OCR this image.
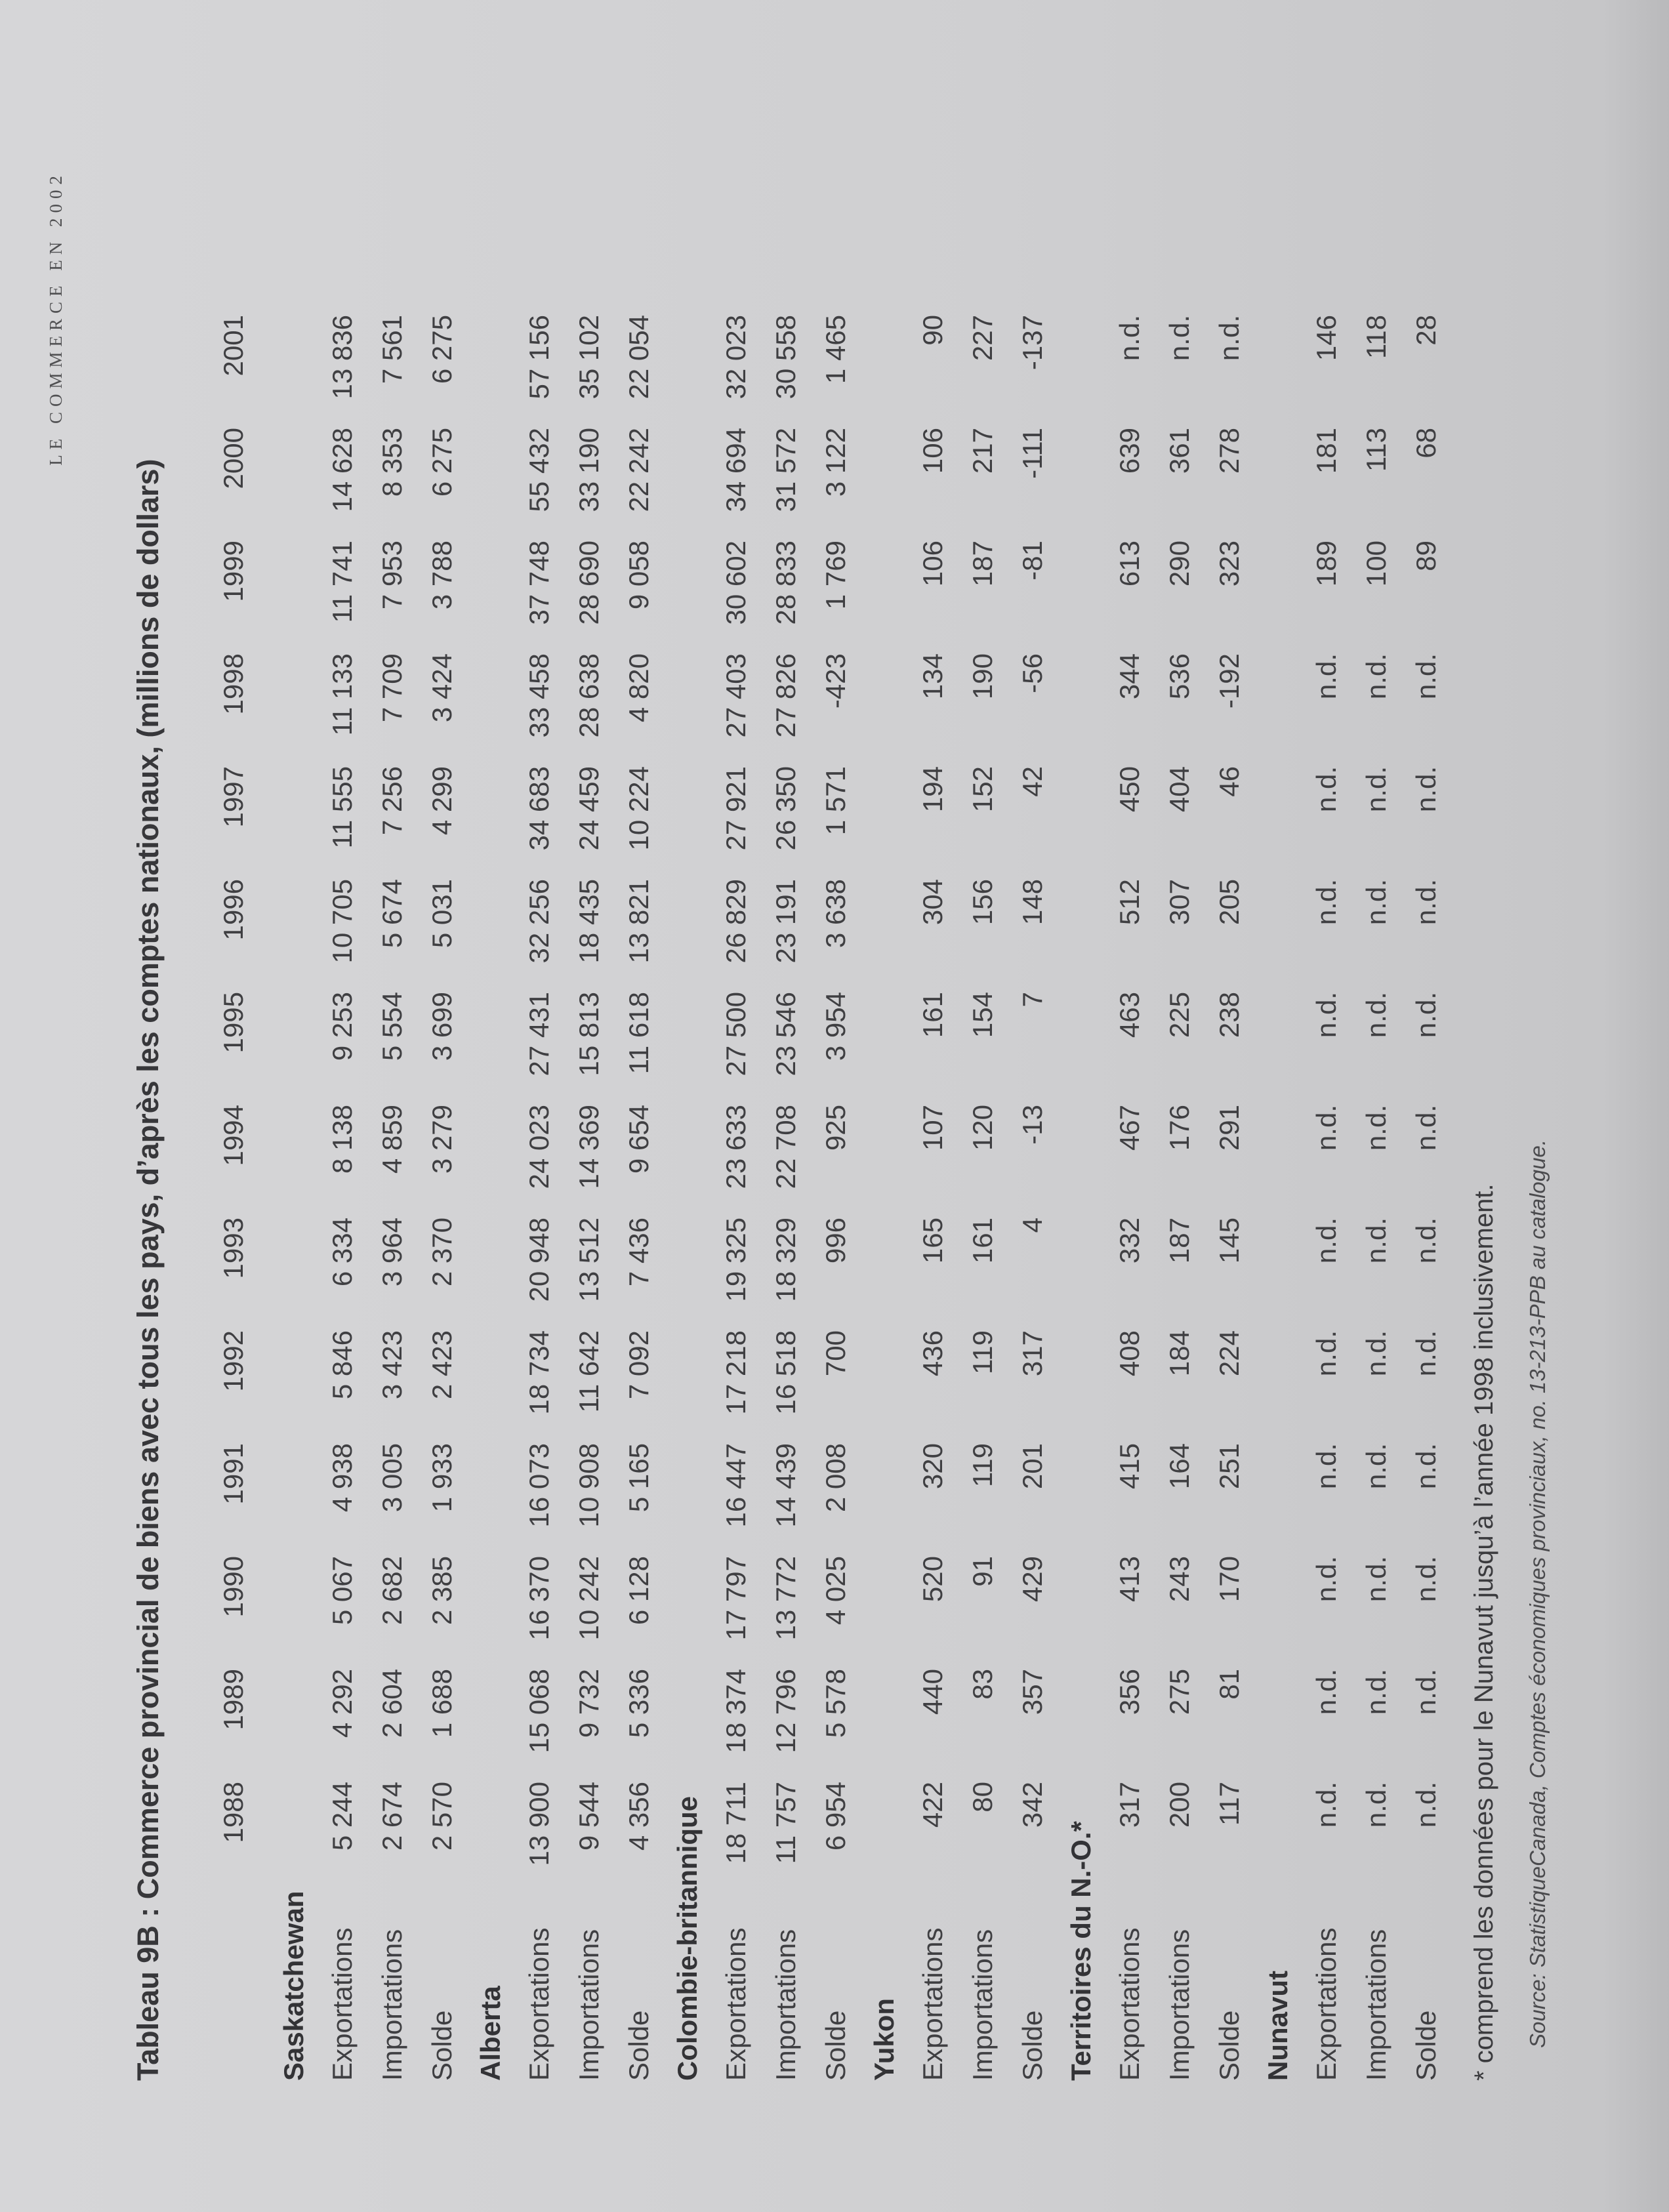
LE COMMERCE EN 2002
Tableau 9B : Commerce provincial de biens avec tous les pays, d’après les comptes nationaux, (millions de dollars)
	1988	1989	1990	1991	1992	1993	1994	1995	1996	1997	1998	1999	2000	2001
Saskatchewan														
Exportations	5 244	4 292	5 067	4 938	5 846	6 334	8 138	9 253	10 705	11 555	11 133	11 741	14 628	13 836
Importations	2 674	2 604	2 682	3 005	3 423	3 964	4 859	5 554	5 674	7 256	7 709	7 953	8 353	7 561
Solde	2 570	1 688	2 385	1 933	2 423	2 370	3 279	3 699	5 031	4 299	3 424	3 788	6 275	6 275
Alberta														
Exportations	13 900	15 068	16 370	16 073	18 734	20 948	24 023	27 431	32 256	34 683	33 458	37 748	55 432	57 156
Importations	9 544	9 732	10 242	10 908	11 642	13 512	14 369	15 813	18 435	24 459	28 638	28 690	33 190	35 102
Solde	4 356	5 336	6 128	5 165	7 092	7 436	9 654	11 618	13 821	10 224	4 820	9 058	22 242	22 054
Colombie-britannique														
Exportations	18 711	18 374	17 797	16 447	17 218	19 325	23 633	27 500	26 829	27 921	27 403	30 602	34 694	32 023
Importations	11 757	12 796	13 772	14 439	16 518	18 329	22 708	23 546	23 191	26 350	27 826	28 833	31 572	30 558
Solde	6 954	5 578	4 025	2 008	700	996	925	3 954	3 638	1 571	-423	1 769	3 122	1 465
Yukon														
Exportations	422	440	520	320	436	165	107	161	304	194	134	106	106	90
Importations	80	83	91	119	119	161	120	154	156	152	190	187	217	227
Solde	342	357	429	201	317	4	-13	7	148	42	-56	-81	-111	-137
Territoires du N.-O.*														
Exportations	317	356	413	415	408	332	467	463	512	450	344	613	639	n.d.
Importations	200	275	243	164	184	187	176	225	307	404	536	290	361	n.d.
Solde	117	81	170	251	224	145	291	238	205	46	-192	323	278	n.d.
Nunavut														
Exportations	n.d.	n.d.	n.d.	n.d.	n.d.	n.d.	n.d.	n.d.	n.d.	n.d.	n.d.	189	181	146
Importations	n.d.	n.d.	n.d.	n.d.	n.d.	n.d.	n.d.	n.d.	n.d.	n.d.	n.d.	100	113	118
Solde	n.d.	n.d.	n.d.	n.d.	n.d.	n.d.	n.d.	n.d.	n.d.	n.d.	n.d.	89	68	28
* comprend les données pour le Nunavut jusqu’à l’année 1998 inclusivement. Source: StatistiqueCanada, Comptes économiques provinciaux, no. 13-213-PPB au catalogue.
